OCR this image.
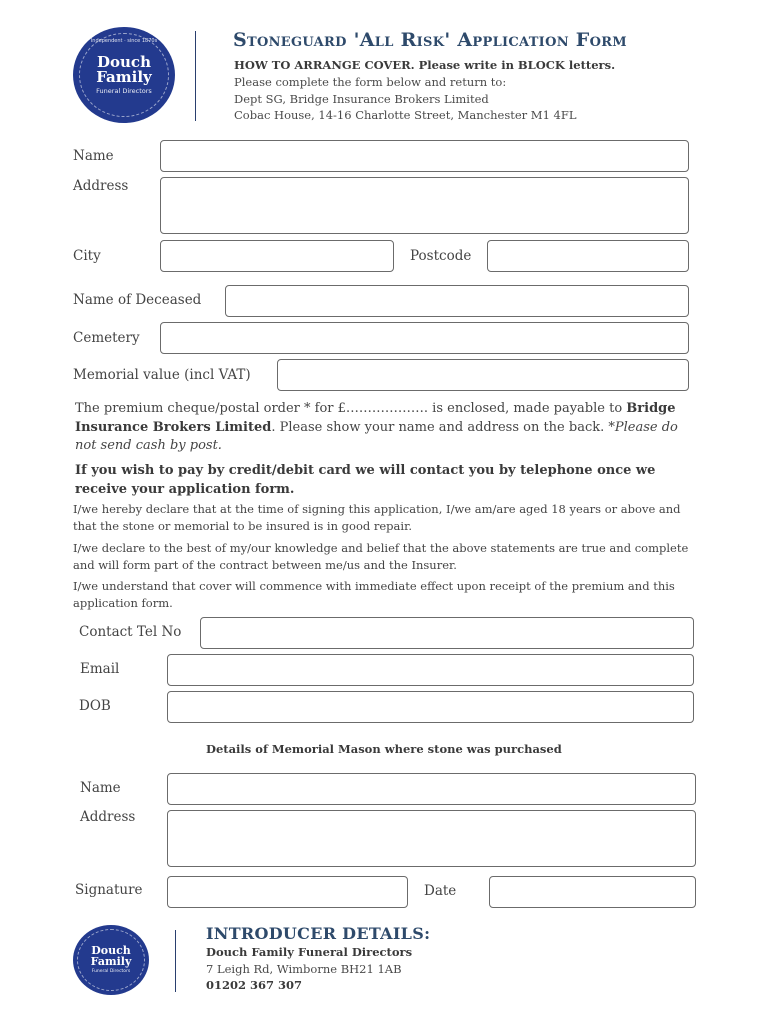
Douch
Family
Funeral Directors
Independent · since 1870s	Stoneguard 'All Risk' Application Form
HOW TO ARRANGE COVER. Please write in BLOCK letters.
Please complete the form below and return to:
Dept SG, Bridge Insurance Brokers Limited
Cobac House, 14-16 Charlotte Street, Manchester M1 4FL
Name
Address
City	Postcode
Name of Deceased
Cemetery
Memorial value (incl VAT)
The premium cheque/postal order * for £………………. is enclosed, made payable to Bridge Insurance Brokers Limited. Please show your name and address on the back. *Please do not send cash by post.
If you wish to pay by credit/debit card we will contact you by telephone once we receive your application form.
I/we hereby declare that at the time of signing this application, I/we am/are aged 18 years or above and that the stone or memorial to be insured is in good repair.
I/we declare to the best of my/our knowledge and belief that the above statements are true and complete and will form part of the contract between me/us and the Insurer.
I/we understand that cover will commence with immediate effect upon receipt of the premium and this application form.
Contact Tel No
Email
DOB
Details of Memorial Mason where stone was purchased
Name
Address
Signature	Date
Douch
Family
Funeral Directors
INTRODUCER DETAILS:
Douch Family Funeral Directors
7 Leigh Rd, Wimborne BH21 1AB
01202 367 307
